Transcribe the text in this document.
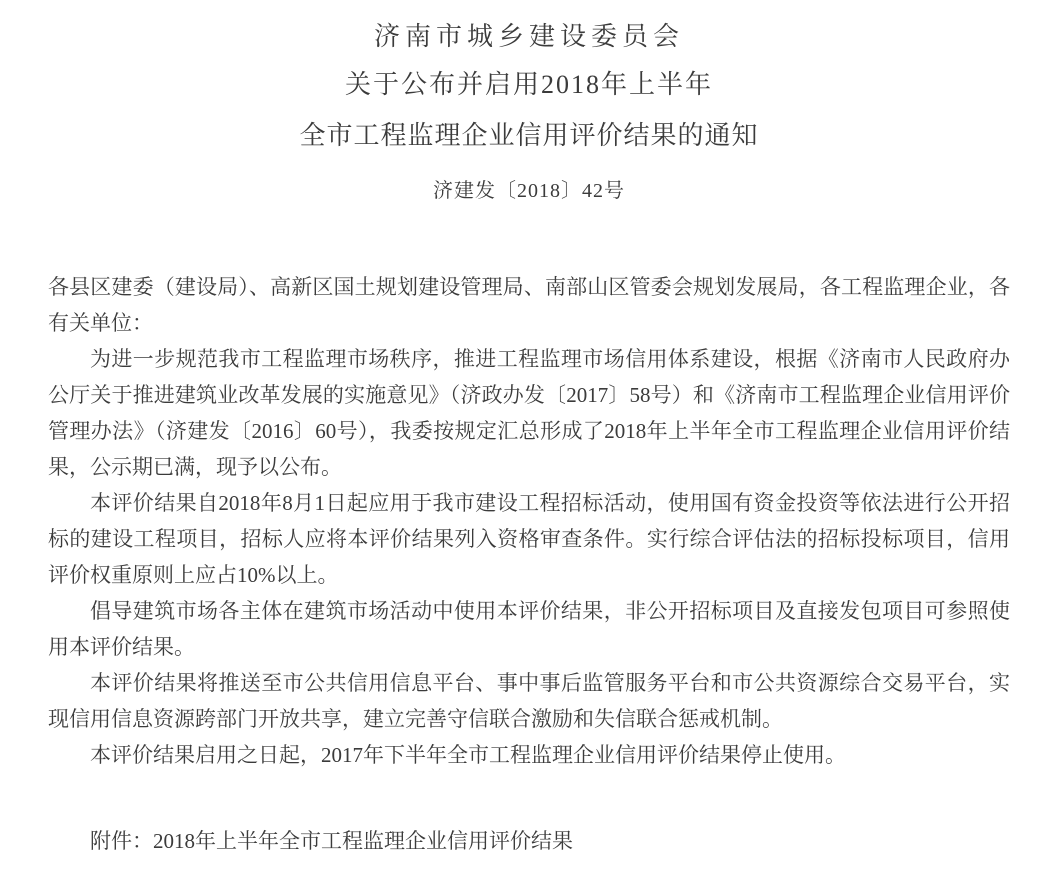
济南市城乡建设委员会
关于公布并启用2018年上半年
全市工程监理企业信用评价结果的通知
济建发〔2018〕42号

各县区建委（建设局）、高新区国土规划建设管理局、南部山区管委会规划发展局，各工程监理企业，各有关单位：

为进一步规范我市工程监理市场秩序，推进工程监理市场信用体系建设，根据《济南市人民政府办公厅关于推进建筑业改革发展的实施意见》（济政办发〔2017〕58号）和《济南市工程监理企业信用评价管理办法》（济建发〔2016〕60号），我委按规定汇总形成了2018年上半年全市工程监理企业信用评价结果，公示期已满，现予以公布。

本评价结果自2018年8月1日起应用于我市建设工程招标活动，使用国有资金投资等依法进行公开招标的建设工程项目，招标人应将本评价结果列入资格审查条件。实行综合评估法的招标投标项目，信用评价权重原则上应占10%以上。

倡导建筑市场各主体在建筑市场活动中使用本评价结果，非公开招标项目及直接发包项目可参照使用本评价结果。

本评价结果将推送至市公共信用信息平台、事中事后监管服务平台和市公共资源综合交易平台，实现信用信息资源跨部门开放共享，建立完善守信联合激励和失信联合惩戒机制。

本评价结果启用之日起，2017年下半年全市工程监理企业信用评价结果停止使用。

附件：2018年上半年全市工程监理企业信用评价结果
